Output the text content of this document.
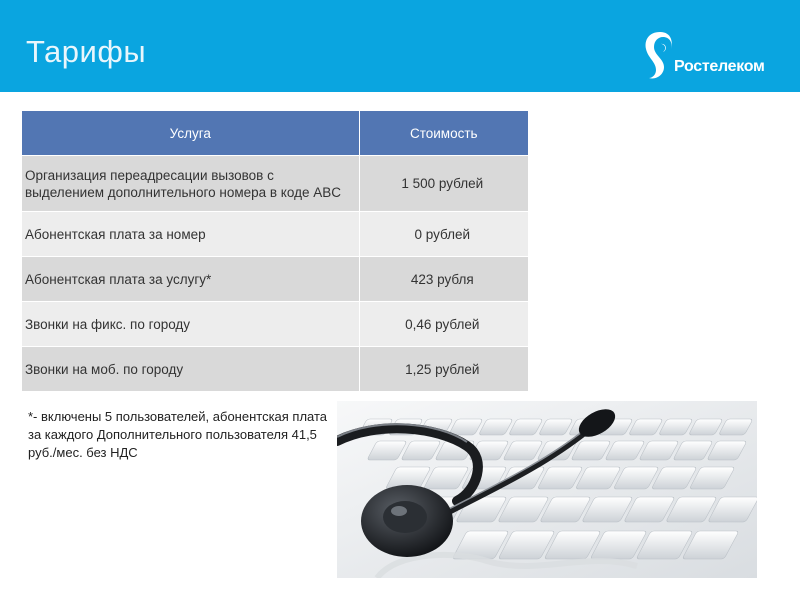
Тарифы	Ростелеком
Услуга	Стоимость
Организация переадресации вызовов с выделением дополнительного номера в коде ABC	1 500 рублей
Абонентская плата за номер	0 рублей
Абонентская плата за услугу*	423 рубля
Звонки на фикс. по городу	0,46 рублей
Звонки на моб. по городу	1,25 рублей
*- включены 5 пользователей, абонентская плата за каждого Дополнительного пользователя 41,5 руб./мес. без НДС
